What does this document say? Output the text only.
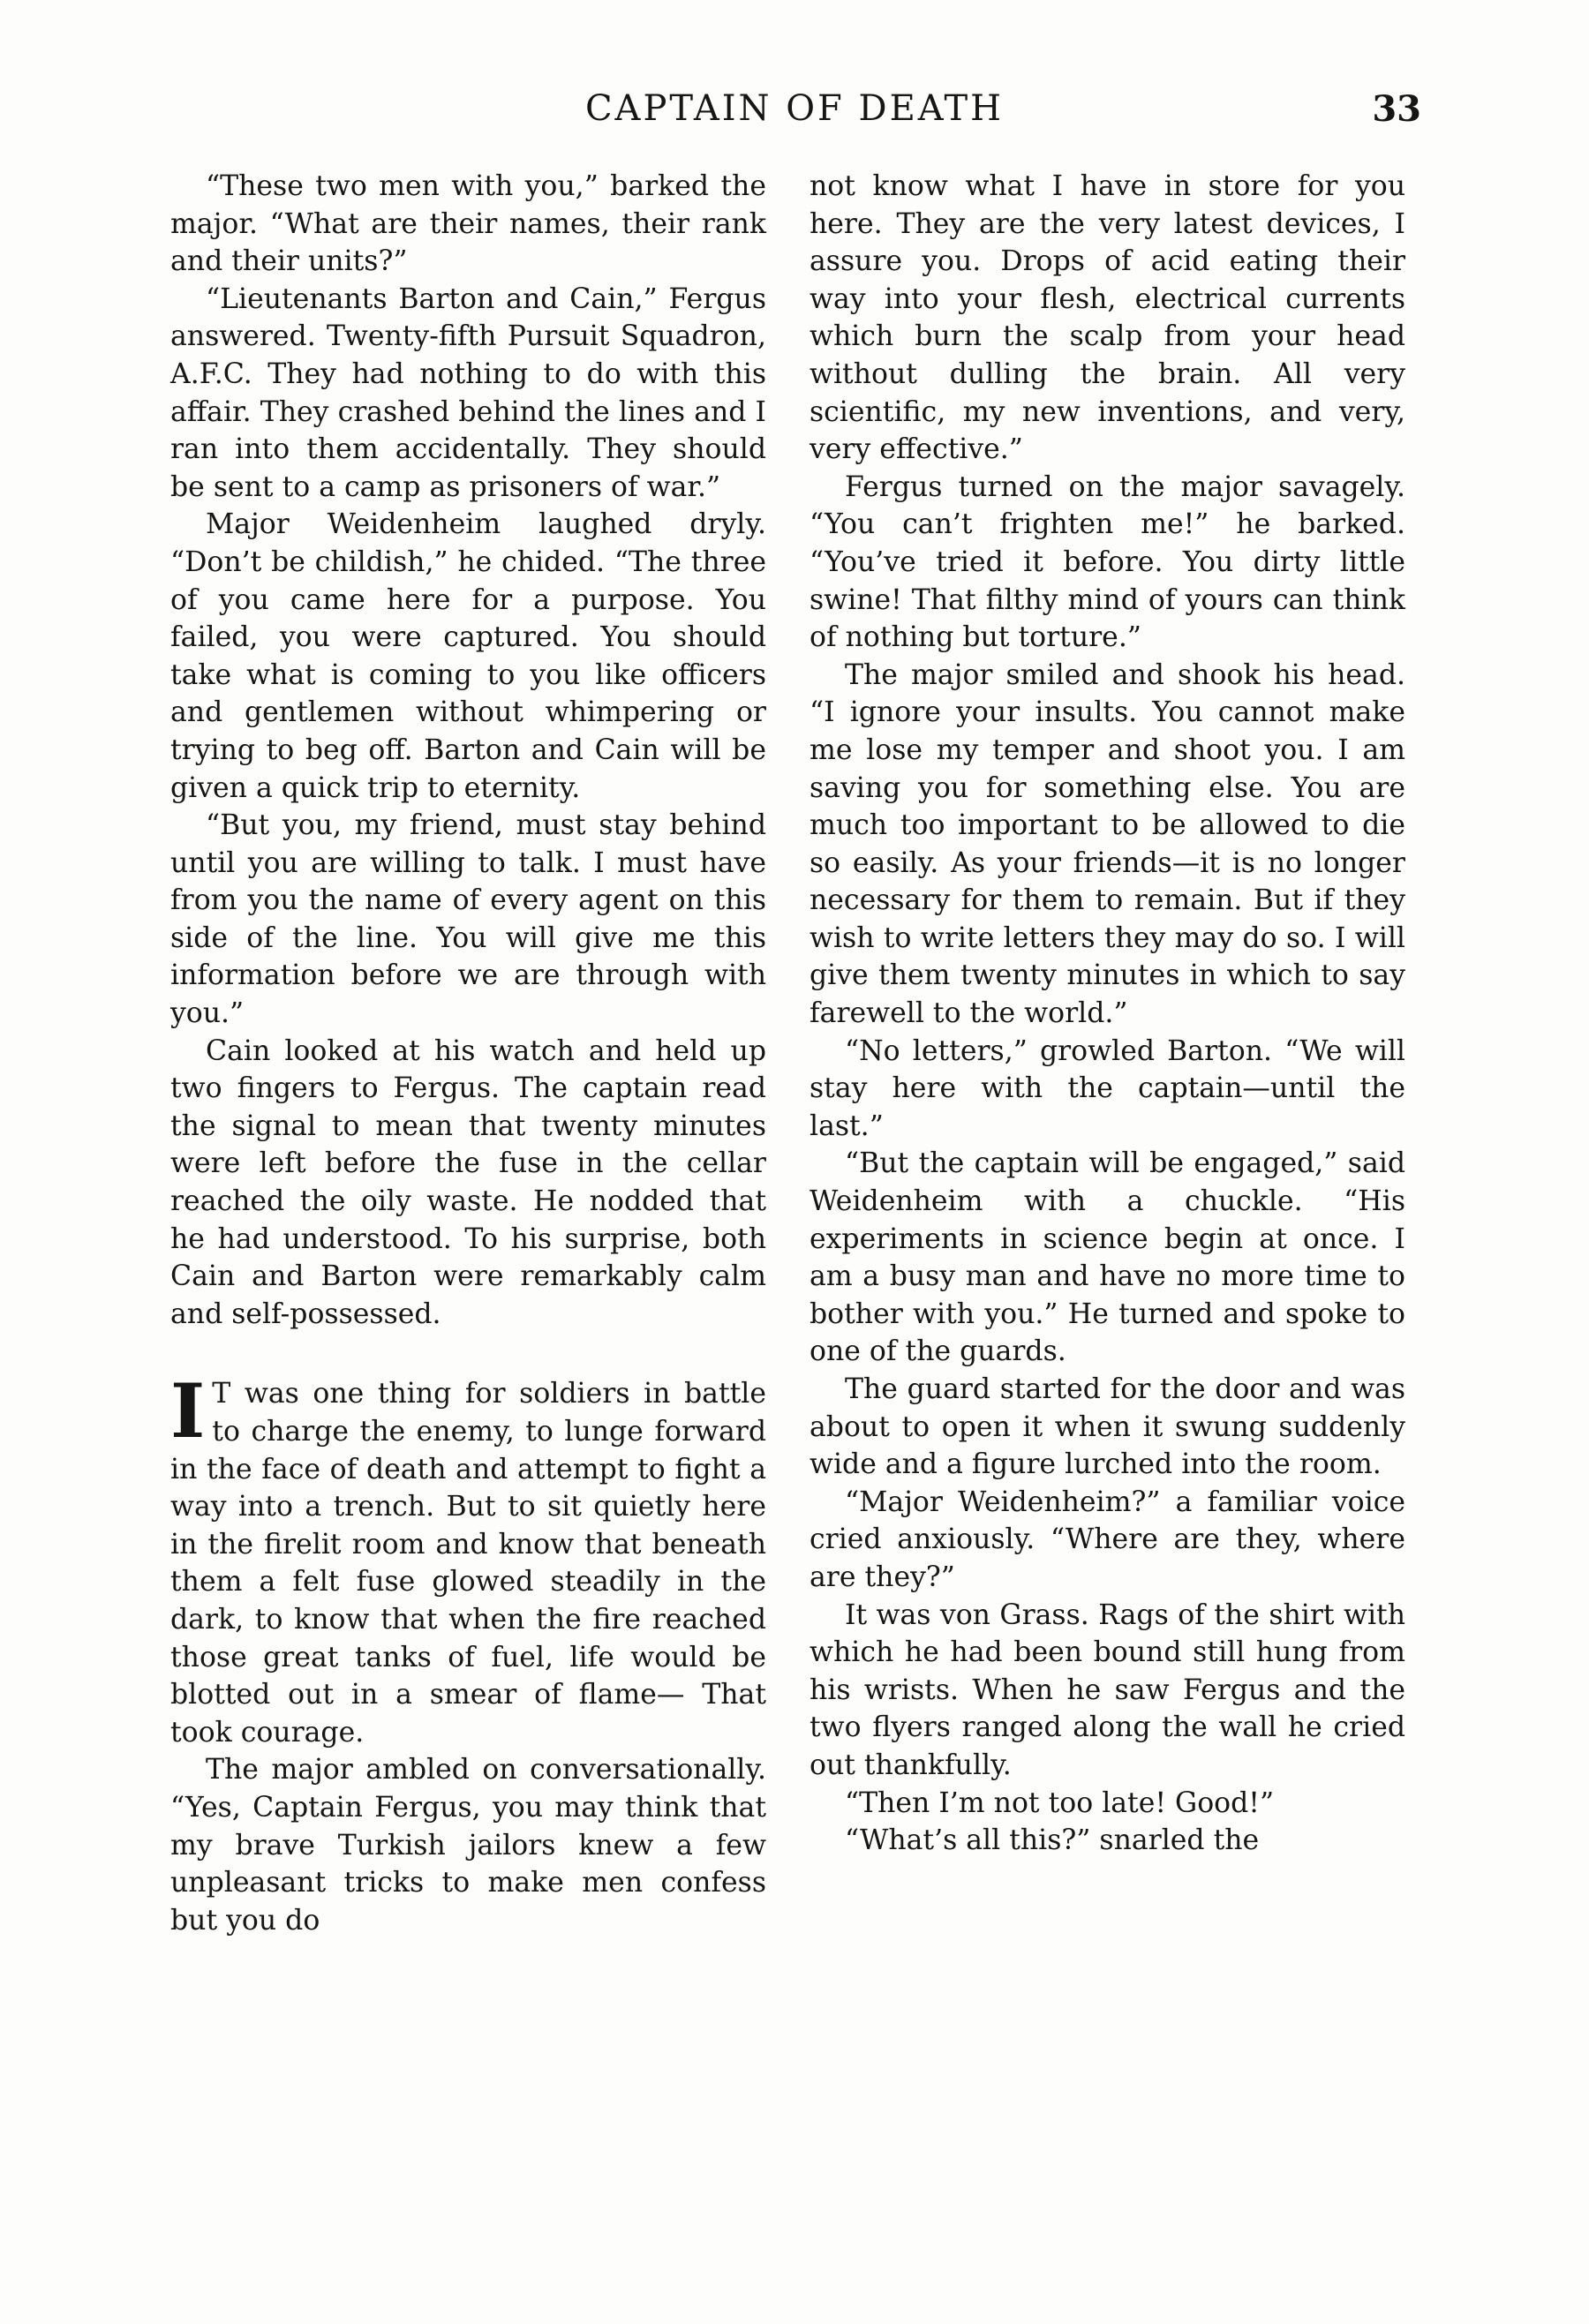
CAPTAIN OF DEATH	33

“These two men with you,” barked the major. “What are their names, their rank and their units?”

“Lieutenants Barton and Cain,” Fergus answered. Twenty-fifth Pursuit Squadron, A.F.C. They had nothing to do with this affair. They crashed behind the lines and I ran into them accidentally. They should be sent to a camp as prisoners of war.”

Major Weidenheim laughed dryly. “Don’t be childish,” he chided. “The three of you came here for a purpose. You failed, you were captured. You should take what is coming to you like officers and gentlemen without whimpering or trying to beg off. Barton and Cain will be given a quick trip to eternity.

“But you, my friend, must stay behind until you are willing to talk. I must have from you the name of every agent on this side of the line. You will give me this information before we are through with you.”

Cain looked at his watch and held up two fingers to Fergus. The captain read the signal to mean that twenty minutes were left before the fuse in the cellar reached the oily waste. He nodded that he had understood. To his surprise, both Cain and Barton were remarkably calm and self-possessed.

I T was one thing for soldiers in battle to charge the enemy, to lunge forward in the face of death and attempt to fight a way into a trench. But to sit quietly here in the firelit room and know that beneath them a felt fuse glowed steadily in the dark, to know that when the fire reached those great tanks of fuel, life would be blotted out in a smear of flame— That took courage.

The major ambled on conversationally. “Yes, Captain Fergus, you may think that my brave Turkish jailors knew a few unpleasant tricks to make men confess but you do

not know what I have in store for you here. They are the very latest devices, I assure you. Drops of acid eating their way into your flesh, electrical currents which burn the scalp from your head without dulling the brain. All very scientific, my new inventions, and very, very effective.”

Fergus turned on the major savagely. “You can’t frighten me!” he barked. “You’ve tried it before. You dirty little swine! That filthy mind of yours can think of nothing but torture.”

The major smiled and shook his head. “I ignore your insults. You cannot make me lose my temper and shoot you. I am saving you for something else. You are much too important to be allowed to die so easily. As your friends—it is no longer necessary for them to remain. But if they wish to write letters they may do so. I will give them twenty minutes in which to say farewell to the world.”

“No letters,” growled Barton. “We will stay here with the captain—until the last.”

“But the captain will be engaged,” said Weidenheim with a chuckle. “His experiments in science begin at once. I am a busy man and have no more time to bother with you.” He turned and spoke to one of the guards.

The guard started for the door and was about to open it when it swung suddenly wide and a figure lurched into the room.

“Major Weidenheim?” a familiar voice cried anxiously. “Where are they, where are they?”

It was von Grass. Rags of the shirt with which he had been bound still hung from his wrists. When he saw Fergus and the two flyers ranged along the wall he cried out thankfully.

“Then I’m not too late! Good!”

“What’s all this?” snarled the
